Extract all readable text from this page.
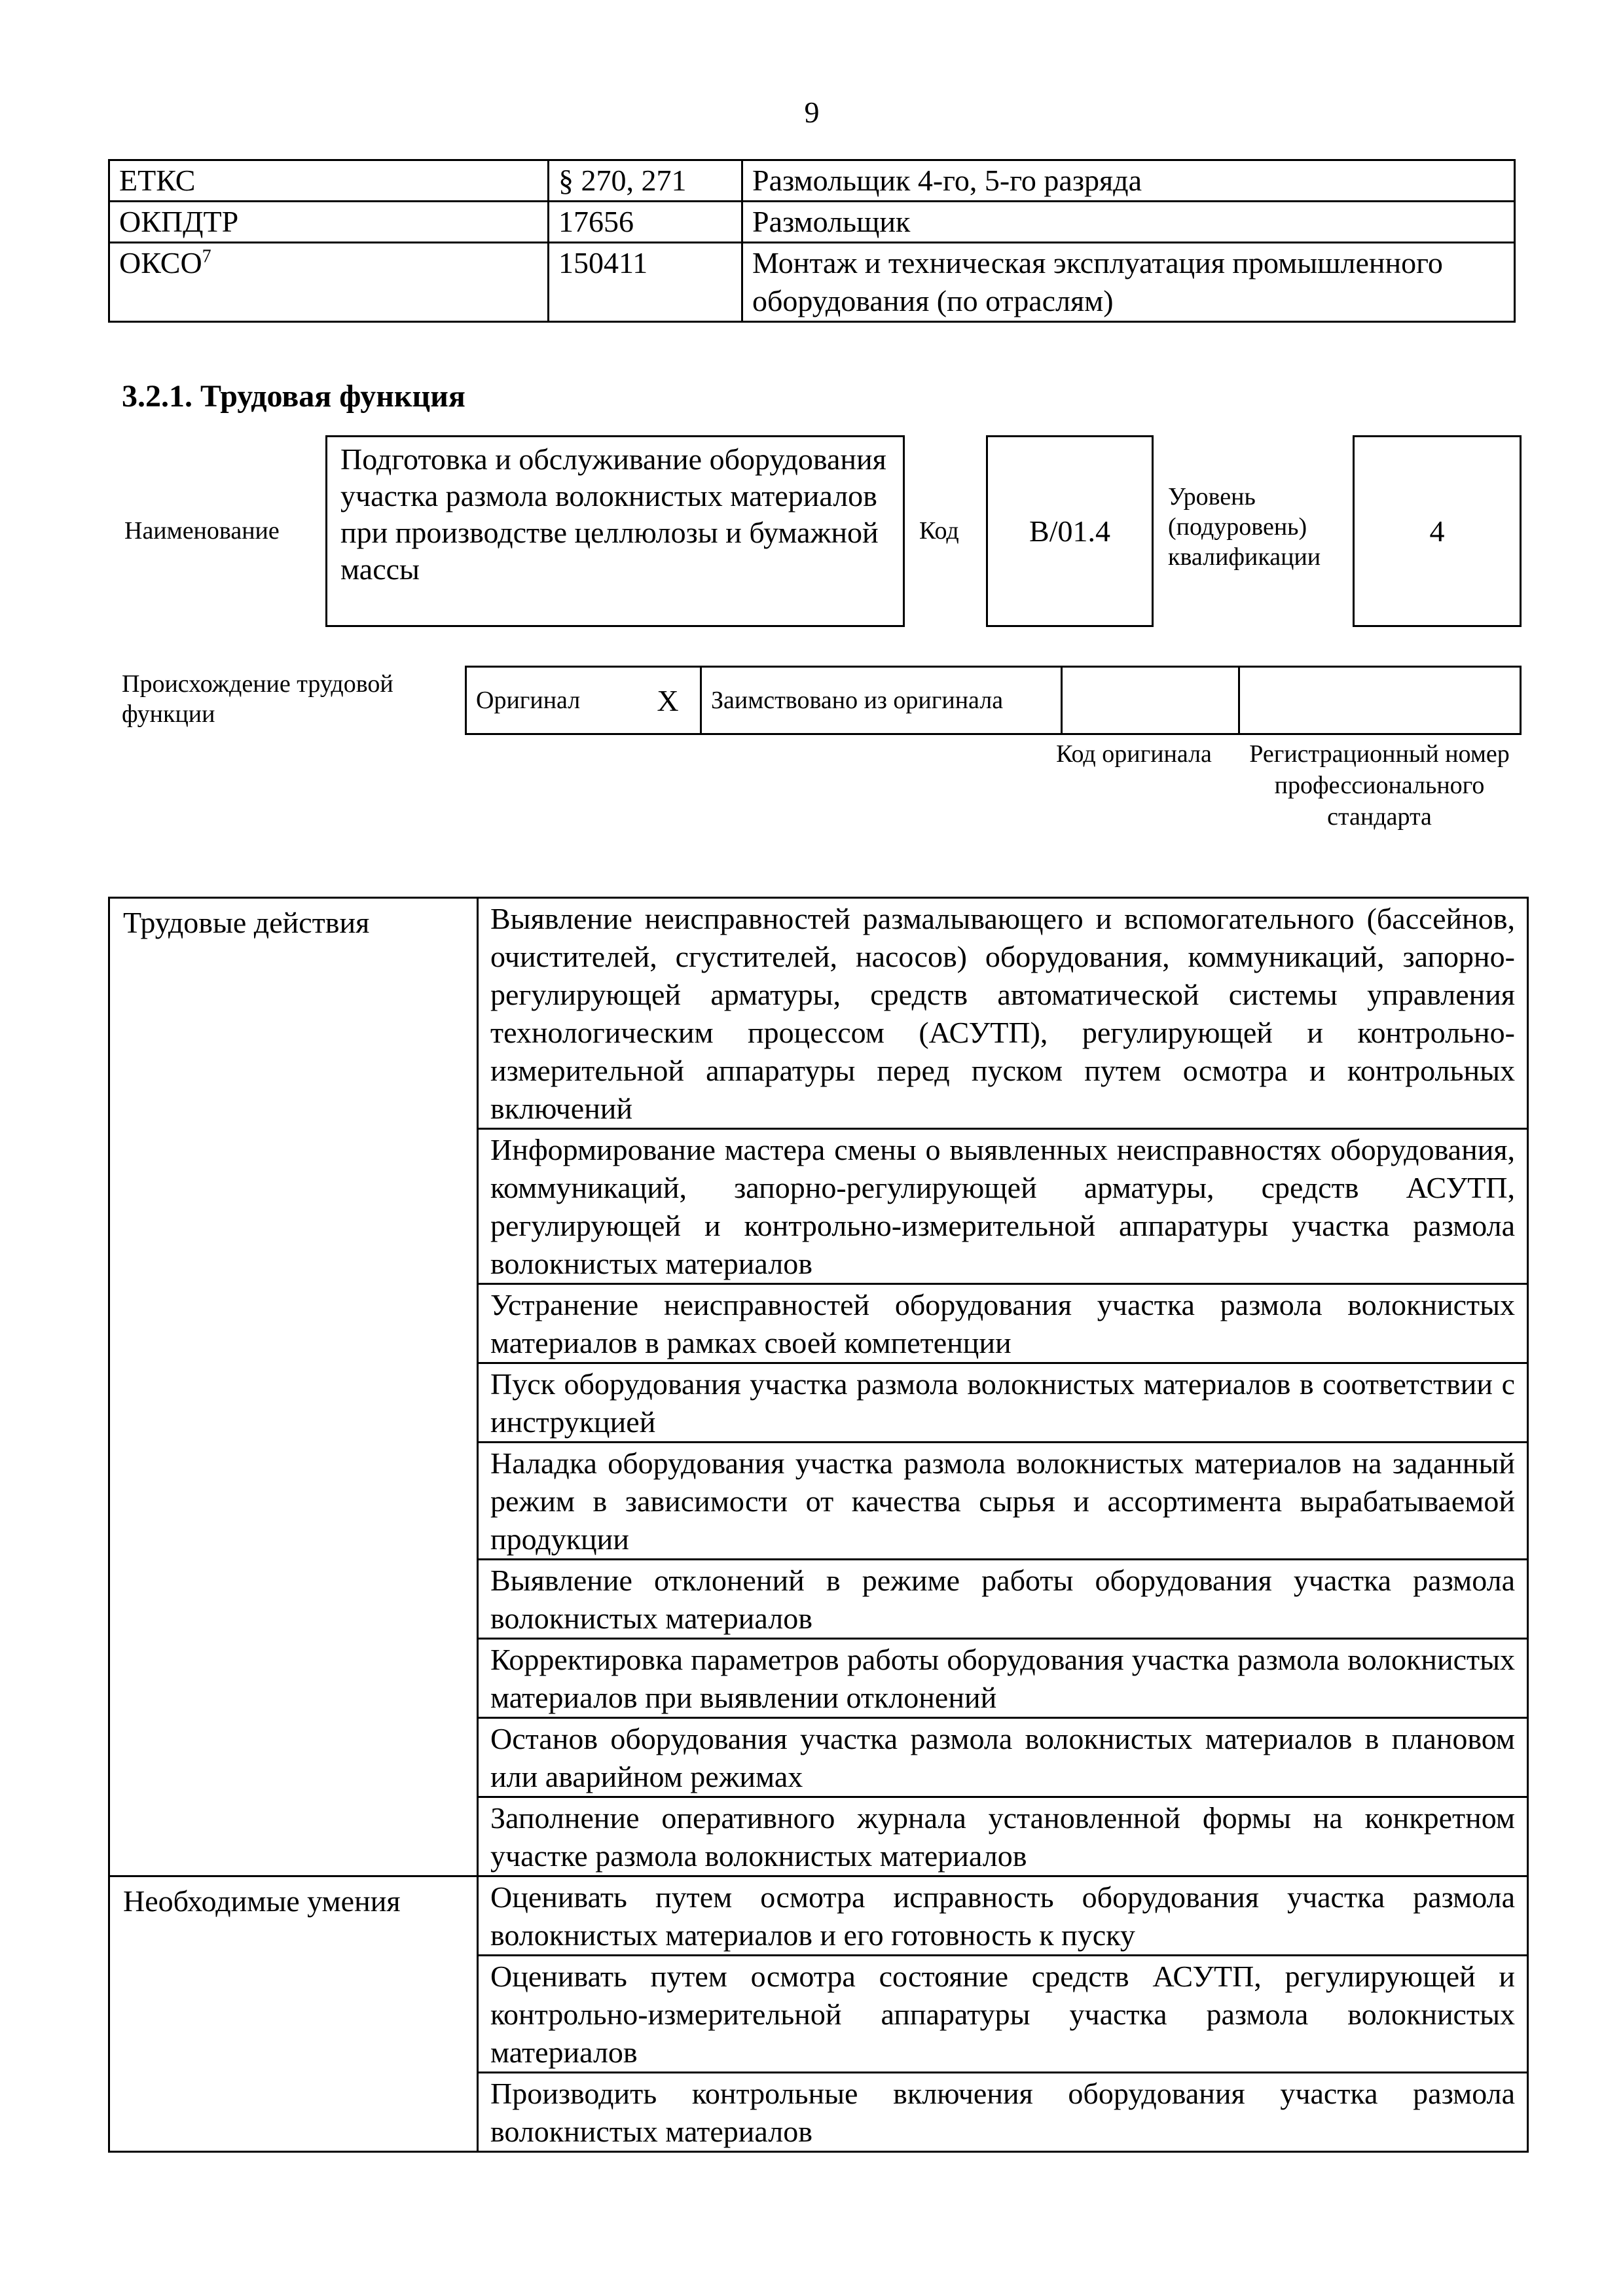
9
ЕТКС	§ 270, 271	Размольщик 4-го, 5-го разряда
ОКПДТР	17656	Размольщик
ОКСО$^7$	150411	Монтаж и техническая эксплуатация промышленного оборудования (по отраслям)
3.2.1. Трудовая функция
Наименование
Подготовка и обслуживание оборудования участка размола волокнистых материалов при производстве целлюлозы и бумажной массы
Код	B/01.4
Уровень (подуровень) квалификации
4
Происхождение трудовой функции	Оригинал	X	Заимствовано из оригинала		
Код оригинала	Регистрационный номер профессионального стандарта
Трудовые действия	Выявление неисправностей размалывающего и вспомогательного (бассейнов, очистителей, сгустителей, насосов) оборудования, коммуникаций, запорно-регулирующей арматуры, средств автоматической системы управления технологическим процессом (АСУТП), регулирующей и контрольно-измерительной аппаратуры перед пуском путем осмотра и контрольных включений
	Информирование мастера смены о выявленных неисправностях оборудования, коммуникаций, запорно-регулирующей арматуры, средств АСУТП, регулирующей и контрольно-измерительной аппаратуры участка размола волокнистых материалов
	Устранение неисправностей оборудования участка размола волокнистых материалов в рамках своей компетенции
	Пуск оборудования участка размола волокнистых материалов в соответствии с инструкцией
	Наладка оборудования участка размола волокнистых материалов на заданный режим в зависимости от качества сырья и ассортимента вырабатываемой продукции
	Выявление отклонений в режиме работы оборудования участка размола волокнистых материалов
	Корректировка параметров работы оборудования участка размола волокнистых материалов при выявлении отклонений
	Останов оборудования участка размола волокнистых материалов в плановом или аварийном режимах
	Заполнение оперативного журнала установленной формы на конкретном участке размола волокнистых материалов
Необходимые умения	Оценивать путем осмотра исправность оборудования участка размола волокнистых материалов и его готовность к пуску
	Оценивать путем осмотра состояние средств АСУТП, регулирующей и контрольно-измерительной аппаратуры участка размола волокнистых материалов
	Производить контрольные включения оборудования участка размола волокнистых материалов
